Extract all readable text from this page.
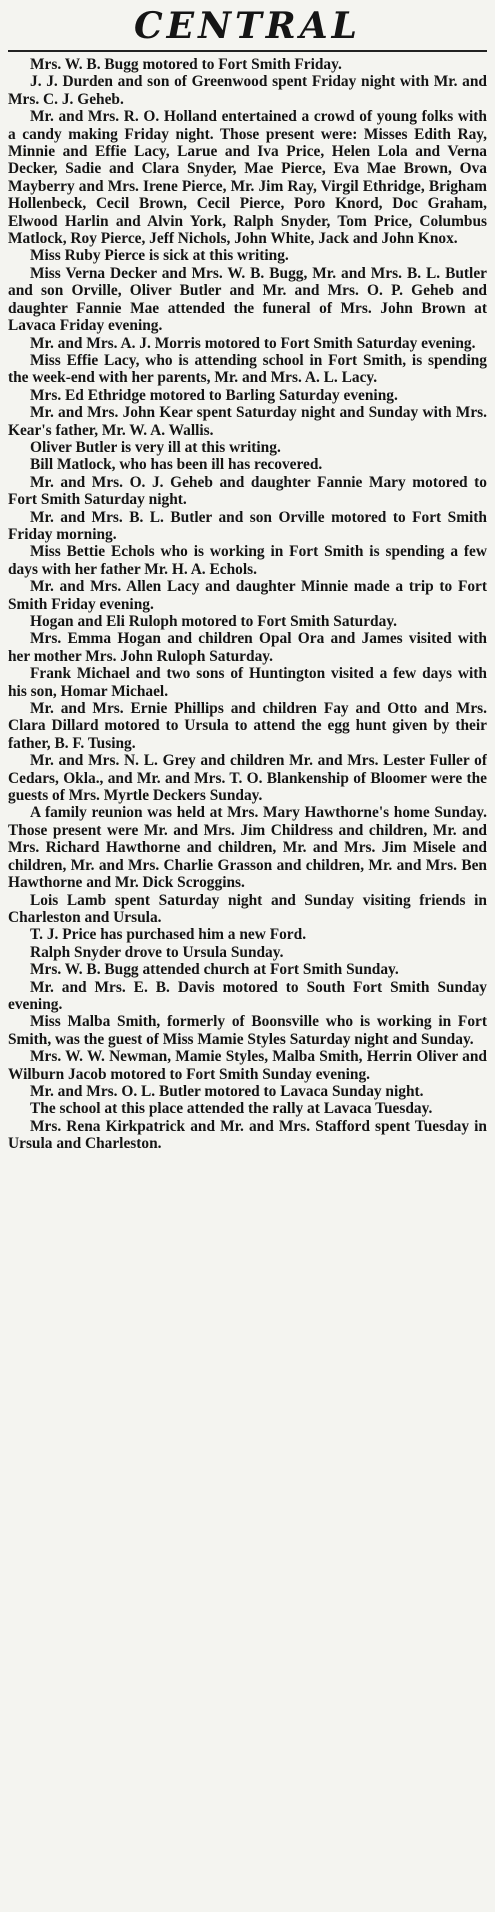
CENTRAL

Mrs. W. B. Bugg motored to Fort Smith Friday.

J. J. Durden and son of Greenwood spent Friday night with Mr. and Mrs. C. J. Geheb.

Mr. and Mrs. R. O. Holland entertained a crowd of young folks with a candy making Friday night. Those present were: Misses Edith Ray, Minnie and Effie Lacy, Larue and Iva Price, Helen Lola and Verna Decker, Sadie and Clara Snyder, Mae Pierce, Eva Mae Brown, Ova Mayberry and Mrs. Irene Pierce, Mr. Jim Ray, Virgil Ethridge, Brigham Hollenbeck, Cecil Brown, Cecil Pierce, Poro Knord, Doc Graham, Elwood Harlin and Alvin York, Ralph Snyder, Tom Price, Columbus Matlock, Roy Pierce, Jeff Nichols, John White, Jack and John Knox.

Miss Ruby Pierce is sick at this writing.

Miss Verna Decker and Mrs. W. B. Bugg, Mr. and Mrs. B. L. Butler and son Orville, Oliver Butler and Mr. and Mrs. O. P. Geheb and daughter Fannie Mae attended the funeral of Mrs. John Brown at Lavaca Friday evening.

Mr. and Mrs. A. J. Morris motored to Fort Smith Saturday evening.

Miss Effie Lacy, who is attending school in Fort Smith, is spending the week-end with her parents, Mr. and Mrs. A. L. Lacy.

Mrs. Ed Ethridge motored to Barling Saturday evening.

Mr. and Mrs. John Kear spent Saturday night and Sunday with Mrs. Kear's father, Mr. W. A. Wallis.

Oliver Butler is very ill at this writing.

Bill Matlock, who has been ill has recovered.

Mr. and Mrs. O. J. Geheb and daughter Fannie Mary motored to Fort Smith Saturday night.

Mr. and Mrs. B. L. Butler and son Orville motored to Fort Smith Friday morning.

Miss Bettie Echols who is working in Fort Smith is spending a few days with her father Mr. H. A. Echols.

Mr. and Mrs. Allen Lacy and daughter Minnie made a trip to Fort Smith Friday evening.

Hogan and Eli Ruloph motored to Fort Smith Saturday.

Mrs. Emma Hogan and children Opal Ora and James visited with her mother Mrs. John Ruloph Saturday.

Frank Michael and two sons of Huntington visited a few days with his son, Homar Michael.

Mr. and Mrs. Ernie Phillips and children Fay and Otto and Mrs. Clara Dillard motored to Ursula to attend the egg hunt given by their father, B. F. Tusing.

Mr. and Mrs. N. L. Grey and children Mr. and Mrs. Lester Fuller of Cedars, Okla., and Mr. and Mrs. T. O. Blankenship of Bloomer were the guests of Mrs. Myrtle Deckers Sunday.

A family reunion was held at Mrs. Mary Hawthorne's home Sunday. Those present were Mr. and Mrs. Jim Childress and children, Mr. and Mrs. Richard Hawthorne and children, Mr. and Mrs. Jim Misele and children, Mr. and Mrs. Charlie Grasson and children, Mr. and Mrs. Ben Hawthorne and Mr. Dick Scroggins.

Lois Lamb spent Saturday night and Sunday visiting friends in Charleston and Ursula.

T. J. Price has purchased him a new Ford.

Ralph Snyder drove to Ursula Sunday.

Mrs. W. B. Bugg attended church at Fort Smith Sunday.

Mr. and Mrs. E. B. Davis motored to South Fort Smith Sunday evening.

Miss Malba Smith, formerly of Boonsville who is working in Fort Smith, was the guest of Miss Mamie Styles Saturday night and Sunday.

Mrs. W. W. Newman, Mamie Styles, Malba Smith, Herrin Oliver and Wilburn Jacob motored to Fort Smith Sunday evening.

Mr. and Mrs. O. L. Butler motored to Lavaca Sunday night.

The school at this place attended the rally at Lavaca Tuesday.

Mrs. Rena Kirkpatrick and Mr. and Mrs. Stafford spent Tuesday in Ursula and Charleston.
